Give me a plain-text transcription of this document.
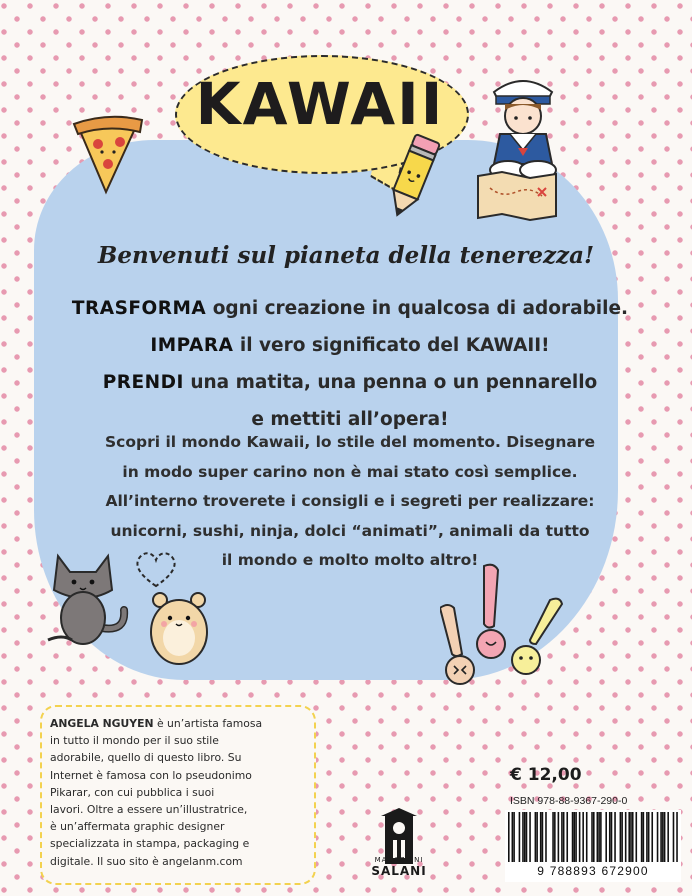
KAWAII

Benvenuti sul pianeta della tenerezza!

TRASFORMA ogni creazione in qualcosa di adorabile.
IMPARA il vero significato del KAWAII!
PRENDI una matita, una penna o un pennarello
e mettiti all’opera!
Scopri il mondo Kawaii, lo stile del momento. Disegnare
in modo super carino non è mai stato così semplice.
All’interno troverete i consigli e i segreti per realizzare:
unicorni, sushi, ninja, dolci “animati”, animali da tutto
il mondo e molto molto altro!
ANGELA NGUYEN è un’artista famosa
in tutto il mondo per il suo stile
adorabile, quello di questo libro. Su
Internet è famosa con lo pseudonimo
Pikarar, con cui pubblica i suoi
lavori. Oltre a essere un’illustratrice,
è un’affermata graphic designer
specializzata in stampa, packaging e
digitale. Il suo sito è angelanm.com	MAGAZZINI
SALANI
€ 12,00
ISBN 978-88-9367-290-0
9 788893 672900
